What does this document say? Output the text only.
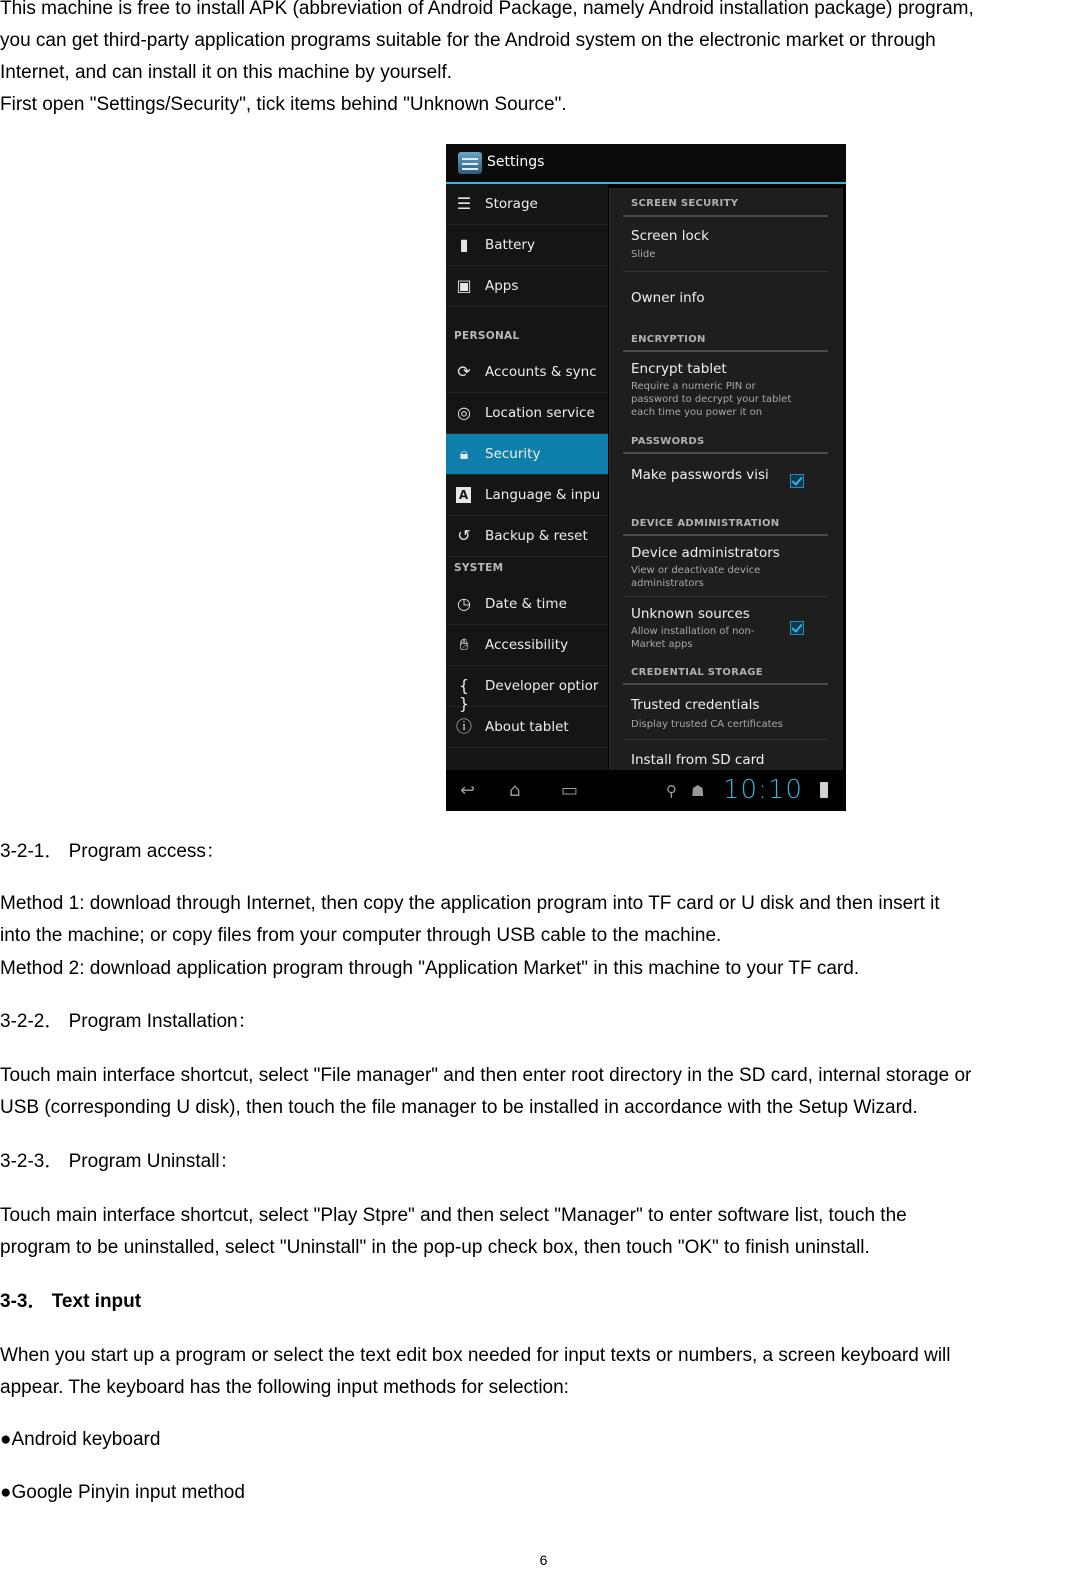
This machine is free to install APK (abbreviation of Android Package, namely Android installation package) program,

you can get third-party application programs suitable for the Android system on the electronic market or through

Internet, and can install it on this machine by yourself.

First open "Settings/Security", tick items behind "Unknown Source".

Settings
☰ Storage
▮	Battery
▣ Apps
PERSONAL
⟳ Accounts & sync
◎ Location service
🔒︎	Security
A Language & inpu
↺ Backup & reset
SYSTEM
◷ Date & time
✋︎	Accessibility
{ }
Developer optior
ⓘ About tablet
SCREEN SECURITY
Screen lock
Slide
Owner info
ENCRYPTION
Encrypt tablet
Require a numeric PIN or
password to decrypt your tablet
each time you power it on
PASSWORDS
Make passwords visi
DEVICE ADMINISTRATION
Device administrators
View or deactivate device
administrators
Unknown sources
Allow installation of non-
Market apps
CREDENTIAL STORAGE
Trusted credentials
Display trusted CA certificates
Install from SD card
↩ ⌂ ▭	⚲ ☗ 10:10

3-2-1． Program access：

Method 1: download through Internet, then copy the application program into TF card or U disk and then insert it

into the machine; or copy files from your computer through USB cable to the machine.

Method 2: download application program through "Application Market" in this machine to your TF card.

3-2-2． Program Installation：

Touch main interface shortcut, select "File manager" and then enter root directory in the SD card, internal storage or

USB (corresponding U disk), then touch the file manager to be installed in accordance with the Setup Wizard.

3-2-3． Program Uninstall：

Touch main interface shortcut, select "Play Stpre" and then select "Manager" to enter software list, touch the

program to be uninstalled, select "Uninstall" in the pop-up check box, then touch "OK" to finish uninstall.

3-3． Text input

When you start up a program or select the text edit box needed for input texts or numbers, a screen keyboard will

appear. The keyboard has the following input methods for selection:

●Android keyboard

●Google Pinyin input method

6
